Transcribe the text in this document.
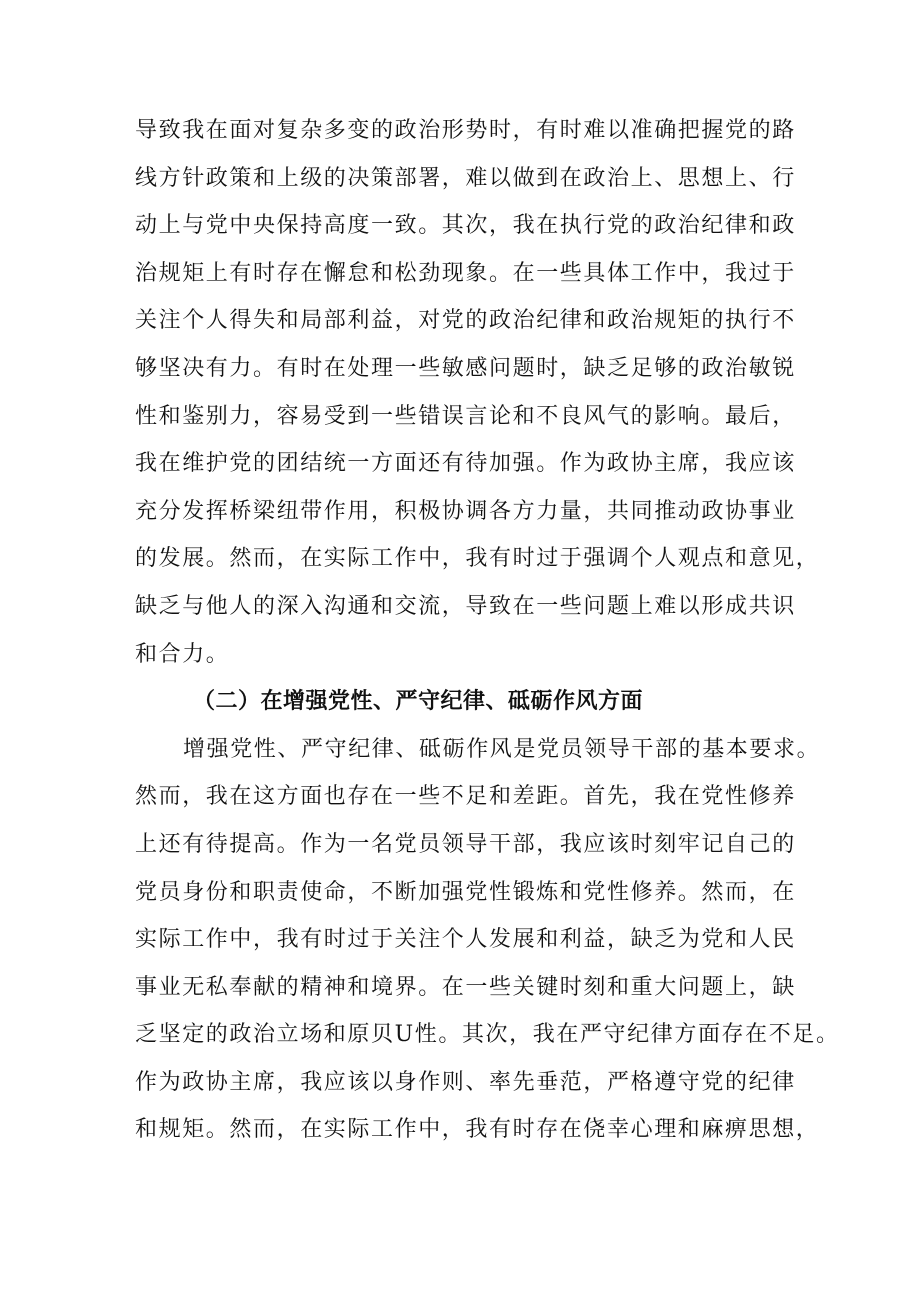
导致我在面对复杂多变的政治形势时，有时难以准确把握党的路
线方针政策和上级的决策部署，难以做到在政治上、思想上、行
动上与党中央保持高度一致。其次，我在执行党的政治纪律和政
治规矩上有时存在懈怠和松劲现象。在一些具体工作中，我过于
关注个人得失和局部利益，对党的政治纪律和政治规矩的执行不
够坚决有力。有时在处理一些敏感问题时，缺乏足够的政治敏锐
性和鉴别力，容易受到一些错误言论和不良风气的影响。最后，
我在维护党的团结统一方面还有待加强。作为政协主席，我应该
充分发挥桥梁纽带作用，积极协调各方力量，共同推动政协事业
的发展。然而，在实际工作中，我有时过于强调个人观点和意见，
缺乏与他人的深入沟通和交流，导致在一些问题上难以形成共识
和合力。
（二）在增强党性、严守纪律、砥砺作风方面
增强党性、严守纪律、砥砺作风是党员领导干部的基本要求。
然而，我在这方面也存在一些不足和差距。首先，我在党性修养
上还有待提高。作为一名党员领导干部，我应该时刻牢记自己的
党员身份和职责使命，不断加强党性锻炼和党性修养。然而，在
实际工作中，我有时过于关注个人发展和利益，缺乏为党和人民
事业无私奉献的精神和境界。在一些关键时刻和重大问题上，缺
乏坚定的政治立场和原贝U性。其次，我在严守纪律方面存在不足。
作为政协主席，我应该以身作则、率先垂范，严格遵守党的纪律
和规矩。然而，在实际工作中，我有时存在侥幸心理和麻痹思想，
